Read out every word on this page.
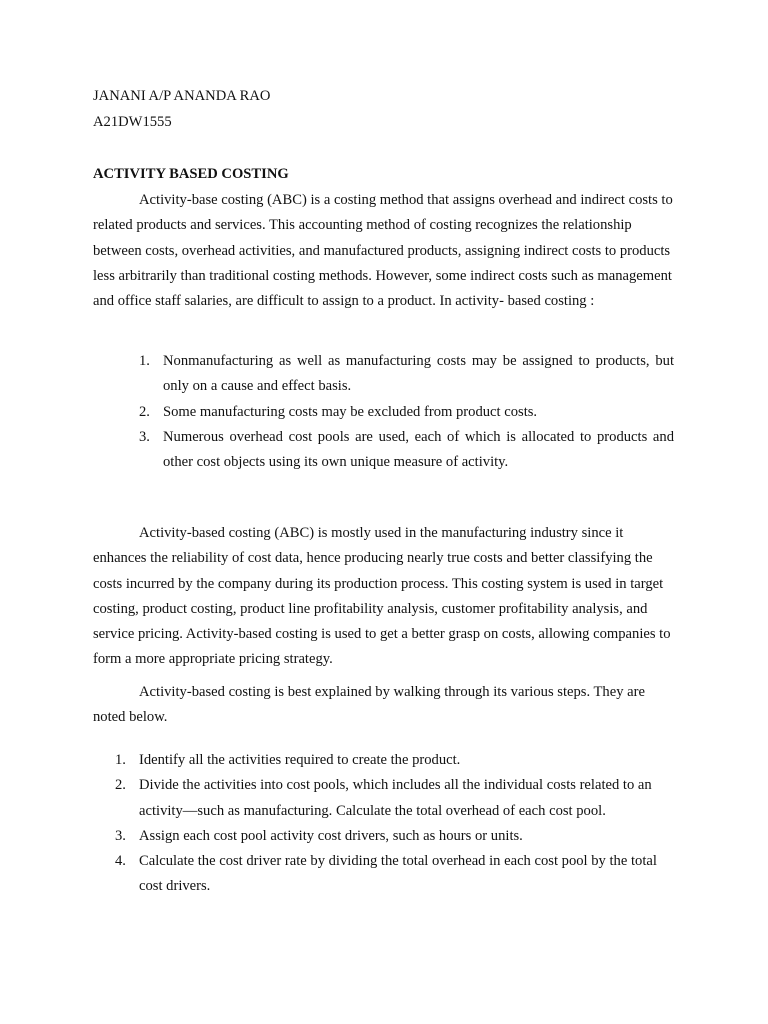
JANANI A/P ANANDA RAO
A21DW1555
ACTIVITY BASED COSTING

Activity-base costing (ABC) is a costing method that assigns overhead and indirect costs to related products and services. This accounting method of costing recognizes the relationship between costs, overhead activities, and manufactured products, assigning indirect costs to products less arbitrarily than traditional costing methods. However, some indirect costs such as management and office staff salaries, are difficult to assign to a product. In activity- based costing :

1. Nonmanufacturing as well as manufacturing costs may be assigned to products, but only on a cause and effect basis.
2. Some manufacturing costs may be excluded from product costs.
3. Numerous overhead cost pools are used, each of which is allocated to products and other cost objects using its own unique measure of activity.

Activity-based costing (ABC) is mostly used in the manufacturing industry since it enhances the reliability of cost data, hence producing nearly true costs and better classifying the costs incurred by the company during its production process. This costing system is used in target costing, product costing, product line profitability analysis, customer profitability analysis, and service pricing. Activity-based costing is used to get a better grasp on costs, allowing companies to form a more appropriate pricing strategy.

Activity-based costing is best explained by walking through its various steps. They are noted below.

1. Identify all the activities required to create the product.
2. Divide the activities into cost pools, which includes all the individual costs related to an activity—such as manufacturing. Calculate the total overhead of each cost pool.
3. Assign each cost pool activity cost drivers, such as hours or units.
4. Calculate the cost driver rate by dividing the total overhead in each cost pool by the total cost drivers.
